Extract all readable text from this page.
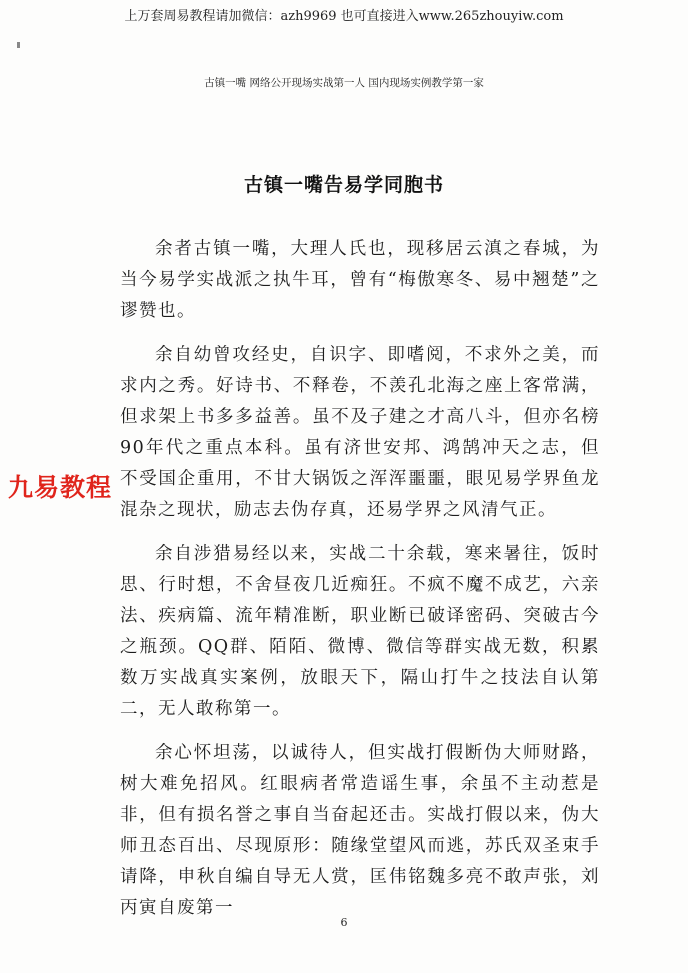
上万套周易教程请加微信：azh9969 也可直接进入www.265zhouyiw.com
古镇一嘴 网络公开现场实战第一人 国内现场实例教学第一家
古镇一嘴告易学同胞书

余者古镇一嘴，大理人氏也，现移居云滇之春城，为当今易学实战派之执牛耳，曾有“梅傲寒冬、易中翘楚”之谬赞也。

余自幼曾攻经史，自识字、即嗜阅，不求外之美，而求内之秀。好诗书、不释卷，不羡孔北海之座上客常满，但求架上书多多益善。虽不及子建之才高八斗，但亦名榜90年代之重点本科。虽有济世安邦、鸿鹄冲天之志，但不受国企重用，不甘大锅饭之浑浑噩噩，眼见易学界鱼龙混杂之现状，励志去伪存真，还易学界之风清气正。

余自涉猎易经以来，实战二十余载，寒来暑往，饭时思、行时想，不舍昼夜几近痴狂。不疯不魔不成艺，六亲法、疾病篇、流年精准断，职业断已破译密码、突破古今之瓶颈。QQ群、陌陌、微博、微信等群实战无数，积累数万实战真实案例，放眼天下，隔山打牛之技法自认第二，无人敢称第一。

余心怀坦荡，以诚待人，但实战打假断伪大师财路，树大难免招风。红眼病者常造谣生事，余虽不主动惹是非，但有损名誉之事自当奋起还击。实战打假以来，伪大师丑态百出、尽现原形：随缘堂望风而逃，苏氏双圣束手请降，申秋自编自导无人赏，匡伟铭魏多亮不敢声张，刘丙寅自废第一

九易教程
6
